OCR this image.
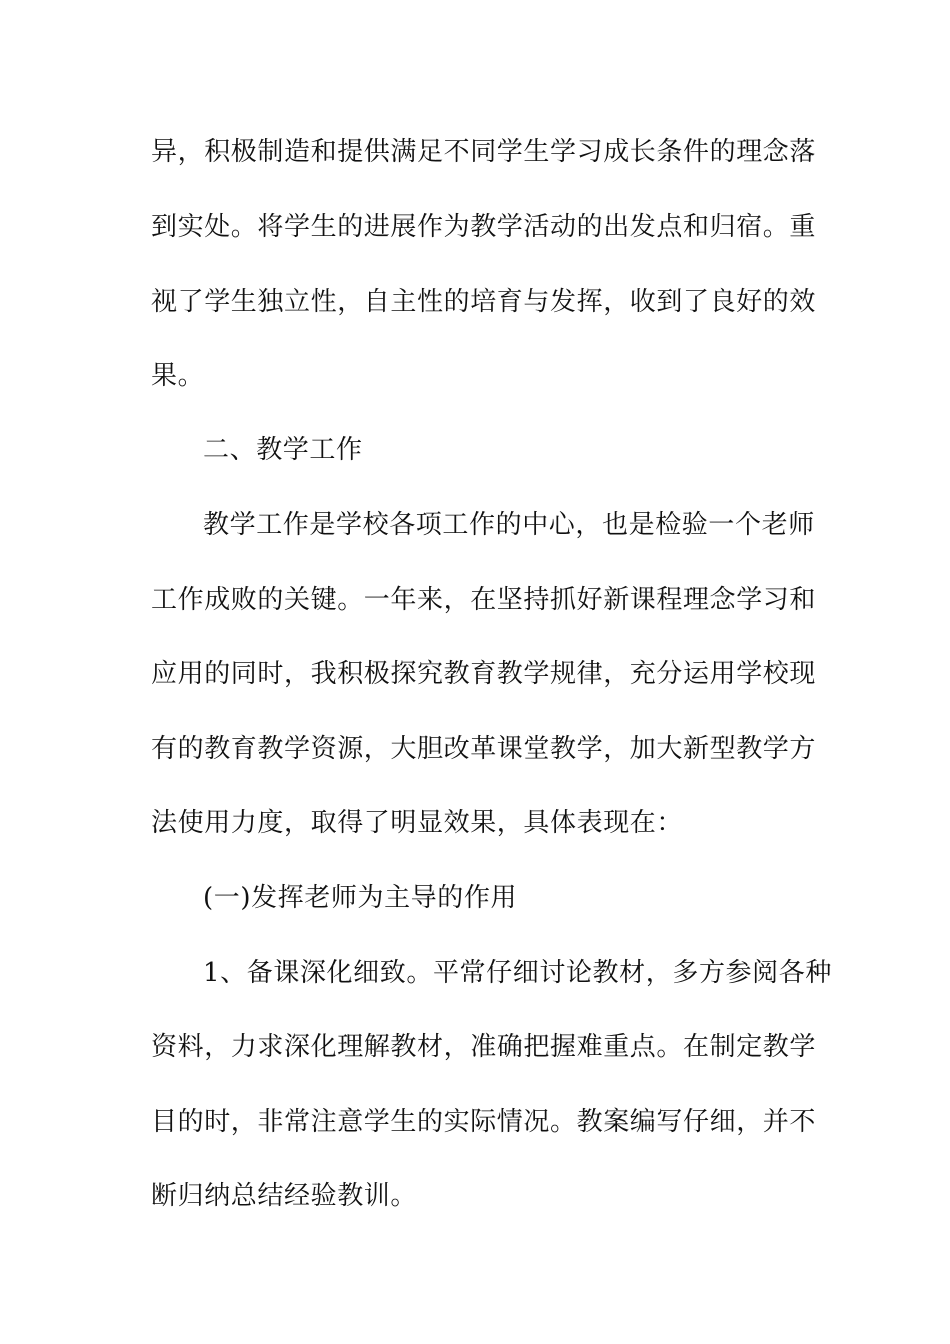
异，积极制造和提供满足不同学生学习成长条件的理念落
到实处。将学生的进展作为教学活动的出发点和归宿。重
视了学生独立性，自主性的培育与发挥，收到了良好的效
果。
二、教学工作
教学工作是学校各项工作的中心，也是检验一个老师
工作成败的关键。一年来，在坚持抓好新课程理念学习和
应用的同时，我积极探究教育教学规律，充分运用学校现
有的教育教学资源，大胆改革课堂教学，加大新型教学方
法使用力度，取得了明显效果，具体表现在：
(一)发挥老师为主导的作用
1、备课深化细致。平常仔细讨论教材，多方参阅各种
资料，力求深化理解教材，准确把握难重点。在制定教学
目的时，非常注意学生的实际情况。教案编写仔细，并不
断归纳总结经验教训。
